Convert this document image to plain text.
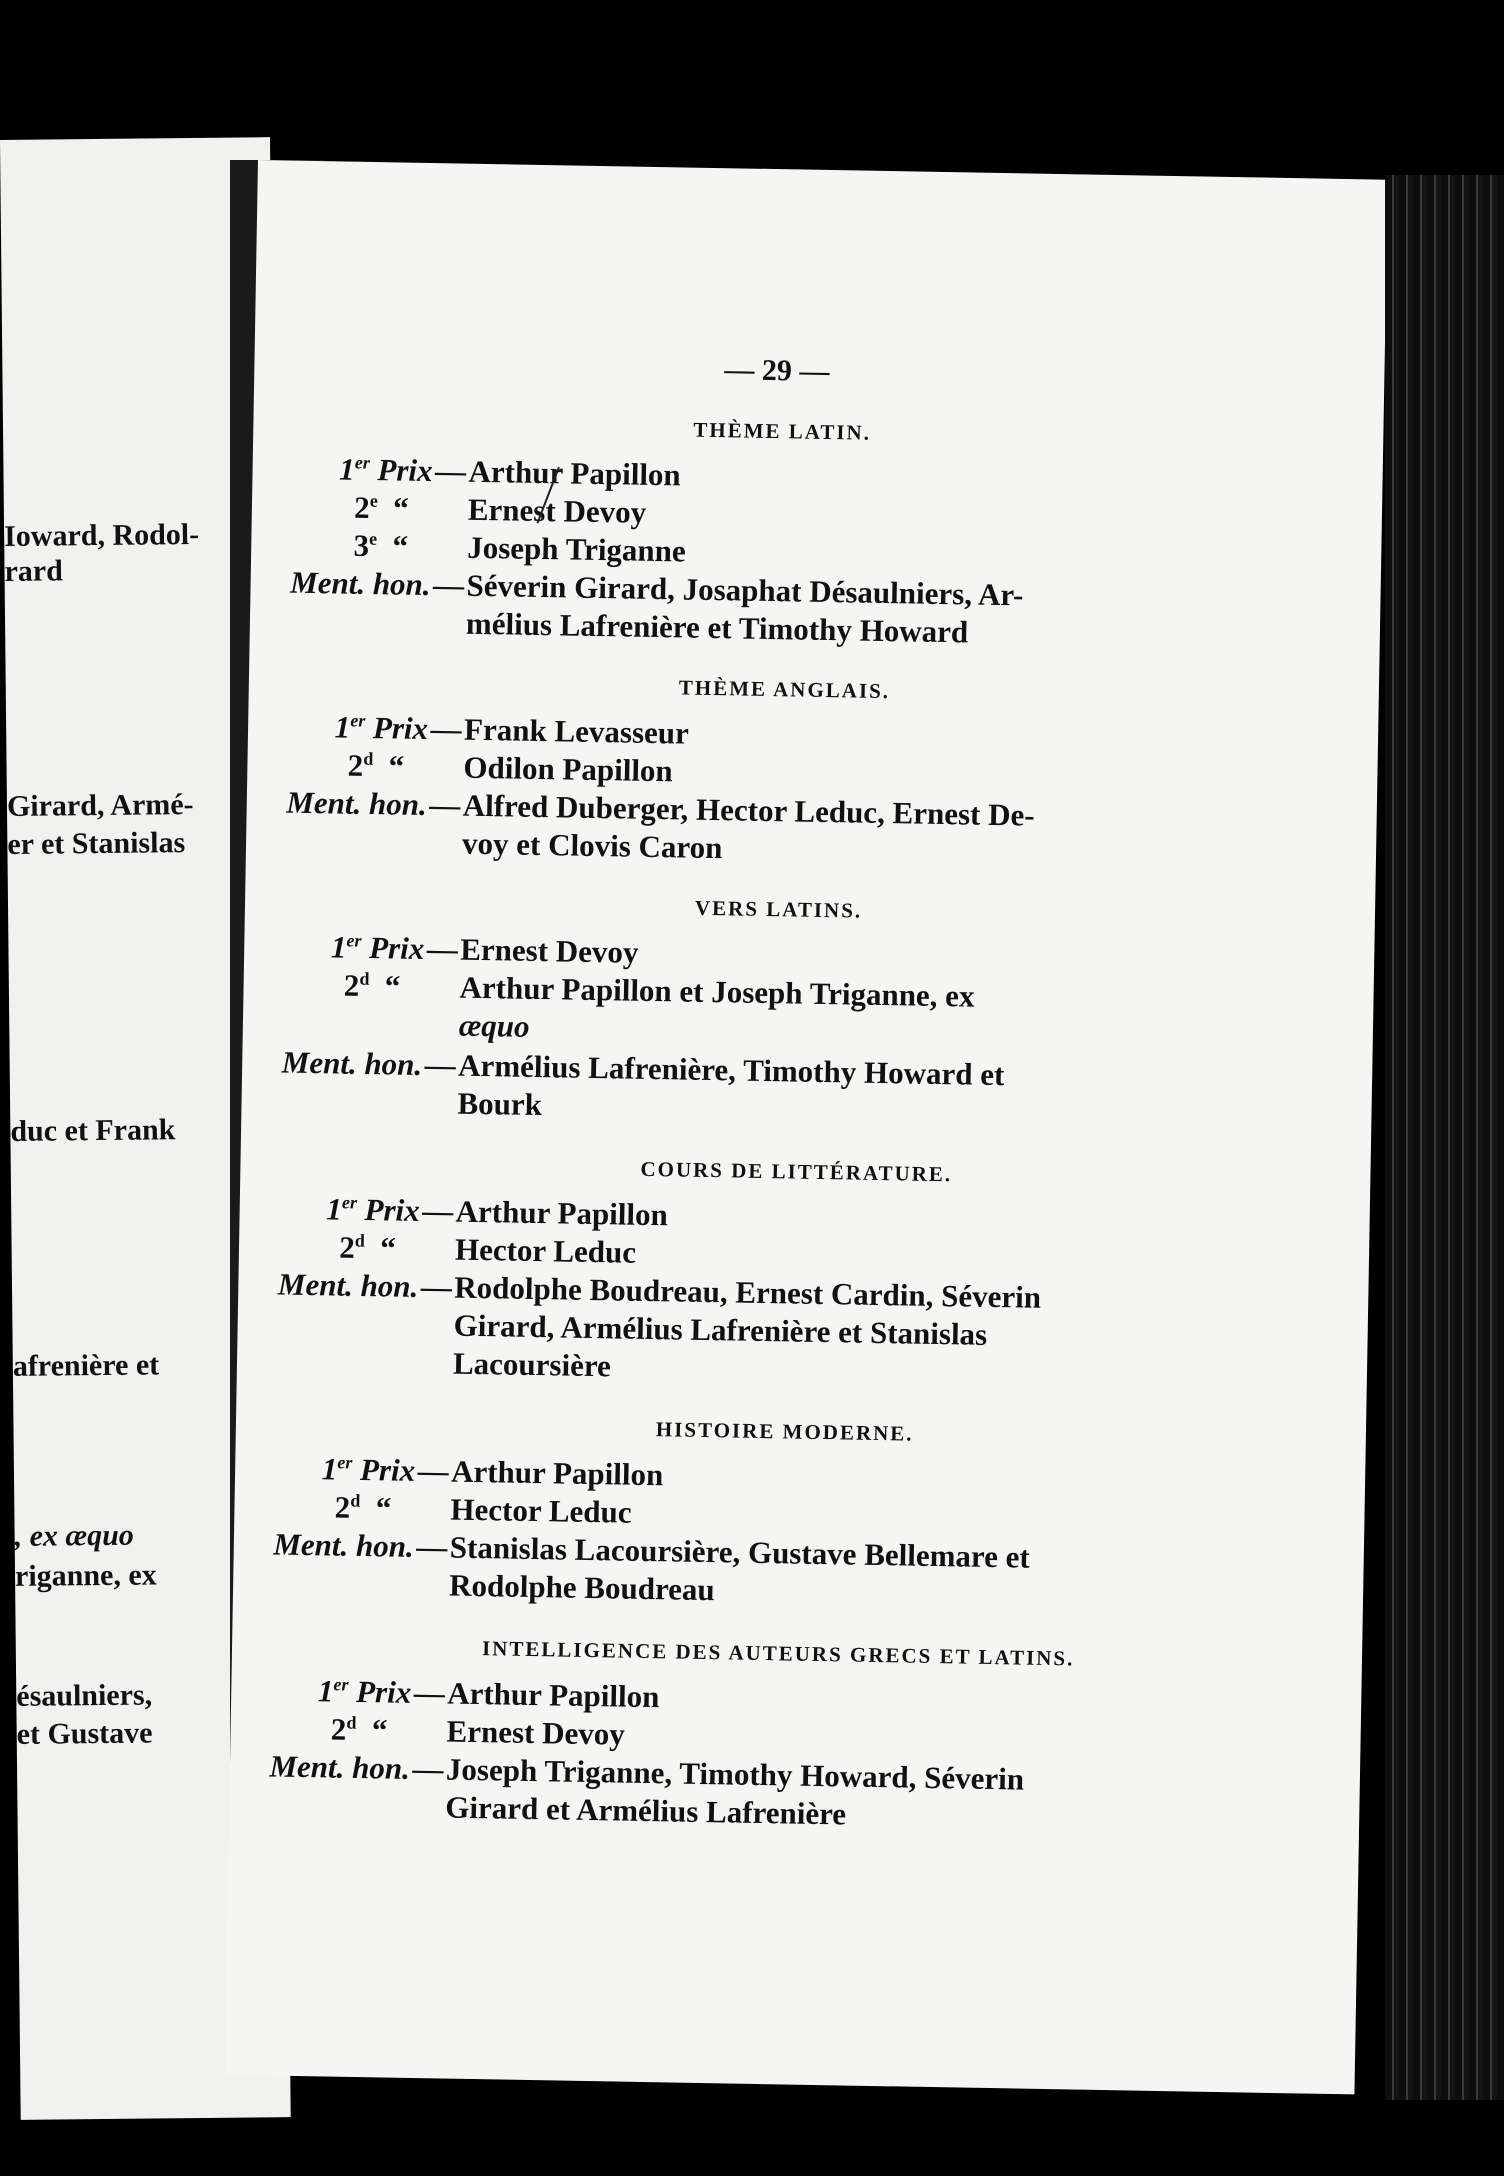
Ioward, Rodol-
rard
Girard, Armé-
er et Stanislas
duc et Frank
afrenière et
, ex æquo
riganne, ex
ésaulniers,
et Gustave
— 29 —
THÈME LATIN.
1er Prix—Arthur Papillon
2e  “   Ernest Devoy
3e  “   Joseph Triganne
Ment. hon.—Séverin Girard, Josaphat Désaulniers, Ar-
mélius Lafrenière et Timothy Howard
THÈME ANGLAIS.
1er Prix—Frank Levasseur
2$^d$  “   Odilon Papillon
Ment. hon.—Alfred Duberger, Hector Leduc, Ernest De-
voy et Clovis Caron
VERS LATINS.
1er Prix—Ernest Devoy
2$^d$  “   Arthur Papillon et Joseph Triganne, ex
æquo
Ment. hon.—Armélius Lafrenière, Timothy Howard et
Bourk
COURS DE LITTÉRATURE.
1er Prix—Arthur Papillon
2$^d$  “   Hector Leduc
Ment. hon.—Rodolphe Boudreau, Ernest Cardin, Séverin
Girard, Armélius Lafrenière et Stanislas
Lacoursière
HISTOIRE MODERNE.
1er Prix—Arthur Papillon
2$^d$  “   Hector Leduc
Ment. hon.—Stanislas Lacoursière, Gustave Bellemare et
Rodolphe Boudreau
INTELLIGENCE DES AUTEURS GRECS ET LATINS.
1er Prix—Arthur Papillon
2$^d$  “   Ernest Devoy
Ment. hon.—Joseph Triganne, Timothy Howard, Séverin
Girard et Armélius Lafrenière
